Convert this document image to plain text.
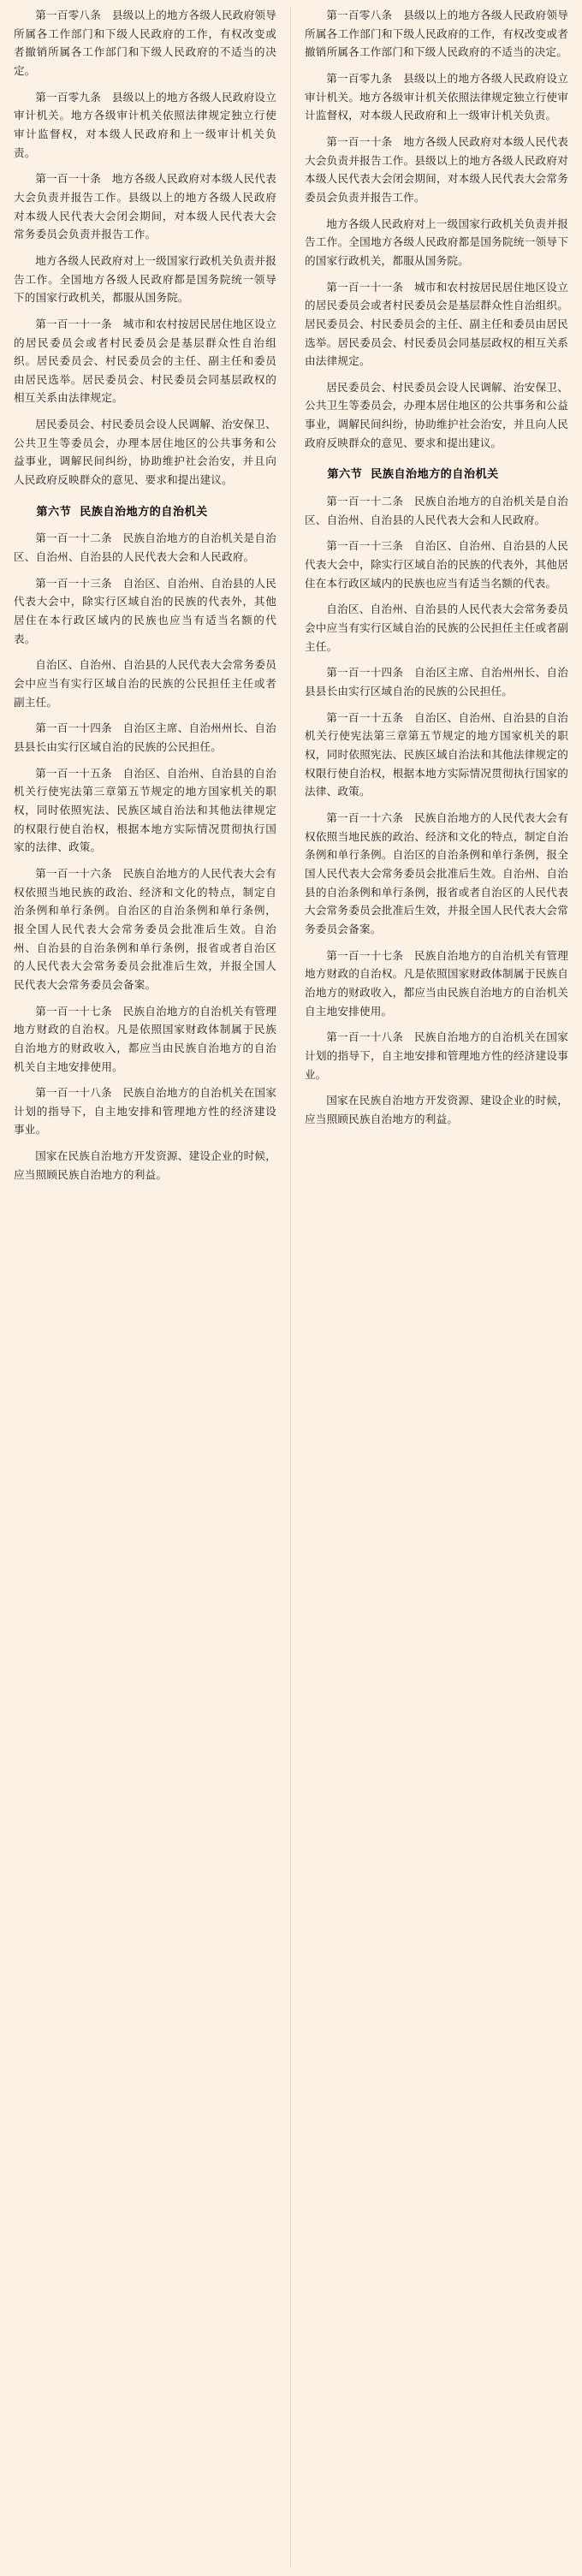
第一百零八条　县级以上的地方各级人民政府领导所属各工作部门和下级人民政府的工作，有权改变或者撤销所属各工作部门和下级人民政府的不适当的决定。

第一百零九条　县级以上的地方各级人民政府设立审计机关。地方各级审计机关依照法律规定独立行使审计监督权，对本级人民政府和上一级审计机关负责。

第一百一十条　地方各级人民政府对本级人民代表大会负责并报告工作。县级以上的地方各级人民政府对本级人民代表大会闭会期间，对本级人民代表大会常务委员会负责并报告工作。

地方各级人民政府对上一级国家行政机关负责并报告工作。全国地方各级人民政府都是国务院统一领导下的国家行政机关，都服从国务院。

第一百一十一条　城市和农村按居民居住地区设立的居民委员会或者村民委员会是基层群众性自治组织。居民委员会、村民委员会的主任、副主任和委员由居民选举。居民委员会、村民委员会同基层政权的相互关系由法律规定。

居民委员会、村民委员会设人民调解、治安保卫、公共卫生等委员会，办理本居住地区的公共事务和公益事业，调解民间纠纷，协助维护社会治安，并且向人民政府反映群众的意见、要求和提出建议。

第六节 民族自治地方的自治机关

第一百一十二条　民族自治地方的自治机关是自治区、自治州、自治县的人民代表大会和人民政府。

第一百一十三条　自治区、自治州、自治县的人民代表大会中，除实行区域自治的民族的代表外，其他居住在本行政区域内的民族也应当有适当名额的代表。

自治区、自治州、自治县的人民代表大会常务委员会中应当有实行区域自治的民族的公民担任主任或者副主任。

第一百一十四条　自治区主席、自治州州长、自治县县长由实行区域自治的民族的公民担任。

第一百一十五条　自治区、自治州、自治县的自治机关行使宪法第三章第五节规定的地方国家机关的职权，同时依照宪法、民族区域自治法和其他法律规定的权限行使自治权，根据本地方实际情况贯彻执行国家的法律、政策。

第一百一十六条　民族自治地方的人民代表大会有权依照当地民族的政治、经济和文化的特点，制定自治条例和单行条例。自治区的自治条例和单行条例，报全国人民代表大会常务委员会批准后生效。自治州、自治县的自治条例和单行条例，报省或者自治区的人民代表大会常务委员会批准后生效，并报全国人民代表大会常务委员会备案。

第一百一十七条　民族自治地方的自治机关有管理地方财政的自治权。凡是依照国家财政体制属于民族自治地方的财政收入，都应当由民族自治地方的自治机关自主地安排使用。

第一百一十八条　民族自治地方的自治机关在国家计划的指导下，自主地安排和管理地方性的经济建设事业。

国家在民族自治地方开发资源、建设企业的时候，应当照顾民族自治地方的利益。

第一百零八条　县级以上的地方各级人民政府领导所属各工作部门和下级人民政府的工作，有权改变或者撤销所属各工作部门和下级人民政府的不适当的决定。

第一百零九条　县级以上的地方各级人民政府设立审计机关。地方各级审计机关依照法律规定独立行使审计监督权，对本级人民政府和上一级审计机关负责。

第一百一十条　地方各级人民政府对本级人民代表大会负责并报告工作。县级以上的地方各级人民政府对本级人民代表大会闭会期间，对本级人民代表大会常务委员会负责并报告工作。

地方各级人民政府对上一级国家行政机关负责并报告工作。全国地方各级人民政府都是国务院统一领导下的国家行政机关，都服从国务院。

第一百一十一条　城市和农村按居民居住地区设立的居民委员会或者村民委员会是基层群众性自治组织。居民委员会、村民委员会的主任、副主任和委员由居民选举。居民委员会、村民委员会同基层政权的相互关系由法律规定。

居民委员会、村民委员会设人民调解、治安保卫、公共卫生等委员会，办理本居住地区的公共事务和公益事业，调解民间纠纷，协助维护社会治安，并且向人民政府反映群众的意见、要求和提出建议。

第六节 民族自治地方的自治机关

第一百一十二条　民族自治地方的自治机关是自治区、自治州、自治县的人民代表大会和人民政府。

第一百一十三条　自治区、自治州、自治县的人民代表大会中，除实行区域自治的民族的代表外，其他居住在本行政区域内的民族也应当有适当名额的代表。

自治区、自治州、自治县的人民代表大会常务委员会中应当有实行区域自治的民族的公民担任主任或者副主任。

第一百一十四条　自治区主席、自治州州长、自治县县长由实行区域自治的民族的公民担任。

第一百一十五条　自治区、自治州、自治县的自治机关行使宪法第三章第五节规定的地方国家机关的职权，同时依照宪法、民族区域自治法和其他法律规定的权限行使自治权，根据本地方实际情况贯彻执行国家的法律、政策。

第一百一十六条　民族自治地方的人民代表大会有权依照当地民族的政治、经济和文化的特点，制定自治条例和单行条例。自治区的自治条例和单行条例，报全国人民代表大会常务委员会批准后生效。自治州、自治县的自治条例和单行条例，报省或者自治区的人民代表大会常务委员会批准后生效，并报全国人民代表大会常务委员会备案。

第一百一十七条　民族自治地方的自治机关有管理地方财政的自治权。凡是依照国家财政体制属于民族自治地方的财政收入，都应当由民族自治地方的自治机关自主地安排使用。

第一百一十八条　民族自治地方的自治机关在国家计划的指导下，自主地安排和管理地方性的经济建设事业。

国家在民族自治地方开发资源、建设企业的时候，应当照顾民族自治地方的利益。
